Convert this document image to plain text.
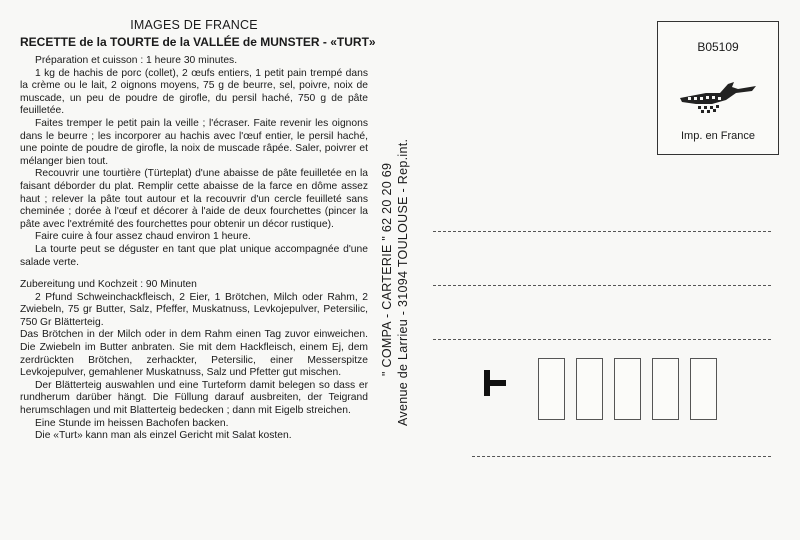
IMAGES DE FRANCE
RECETTE de la TOURTE de la VALLÉE de MUNSTER - «TURT»

Préparation et cuisson : 1 heure 30 minutes.

1 kg de hachis de porc (collet), 2 œufs entiers, 1 petit pain trempé dans la crème ou le lait, 2 oignons moyens, 75 g de beurre, sel, poivre, noix de muscade, un peu de poudre de girofle, du persil haché, 750 g de pâte feuilletée.

Faites tremper le petit pain la veille ; l'écraser. Faite revenir les oignons dans le beurre ; les incorporer au hachis avec l'œuf entier, le persil haché, une pointe de poudre de girofle, la noix de muscade râpée. Saler, poivrer et mélanger bien tout.

Recouvrir une tourtière (Türteplat) d'une abaisse de pâte feuilletée en la faisant déborder du plat. Remplir cette abaisse de la farce en dôme assez haut ; relever la pâte tout autour et la recouvrir d'un cercle feuilleté sans cheminée ; dorée à l'œuf et décorer à l'aide de deux fourchettes (pincer la pâte avec l'extrémité des fourchettes pour obtenir un décor rustique).

Faire cuire à four assez chaud environ 1 heure.

La tourte peut se déguster en tant que plat unique accompagnée d'une salade verte.

Zubereitung und Kochzeit : 90 Minuten

2 Pfund Schweinchackfleisch, 2 Eier, 1 Brötchen, Milch oder Rahm, 2 Zwiebeln, 75 gr Butter, Salz, Pfeffer, Muskatnuss, Levkojepulver, Petersilic, 750 Gr Blätterteig.

Das Brötchen in der Milch oder in dem Rahm einen Tag zuvor einweichen. Die Zwiebeln im Butter anbraten. Sie mit dem Hackfleisch, einem Ej, dem zerdrückten Brötchen, zerhackter, Petersilic, einer Messerspitze Levkojepulver, gemahlener Muskatnuss, Salz und Pfetter gut mischen.

Der Blätterteig auswahlen und eine Turteform damit belegen so dass er rundherum darüber hängt. Die Füllung darauf ausbreiten, der Teigrand herumschlagen und mit Blatterteig bedecken ; dann mit Eigelb streichen.

Eine Stunde im heissen Bachofen backen.

Die «Turt» kann man als einzel Gericht mit Salat kosten.

" COMPA - CARTERIE " 62 20 20 69 Avenue de Larrieu - 31094 TOULOUSE - Rep.int.
B05109
Imp. en France
